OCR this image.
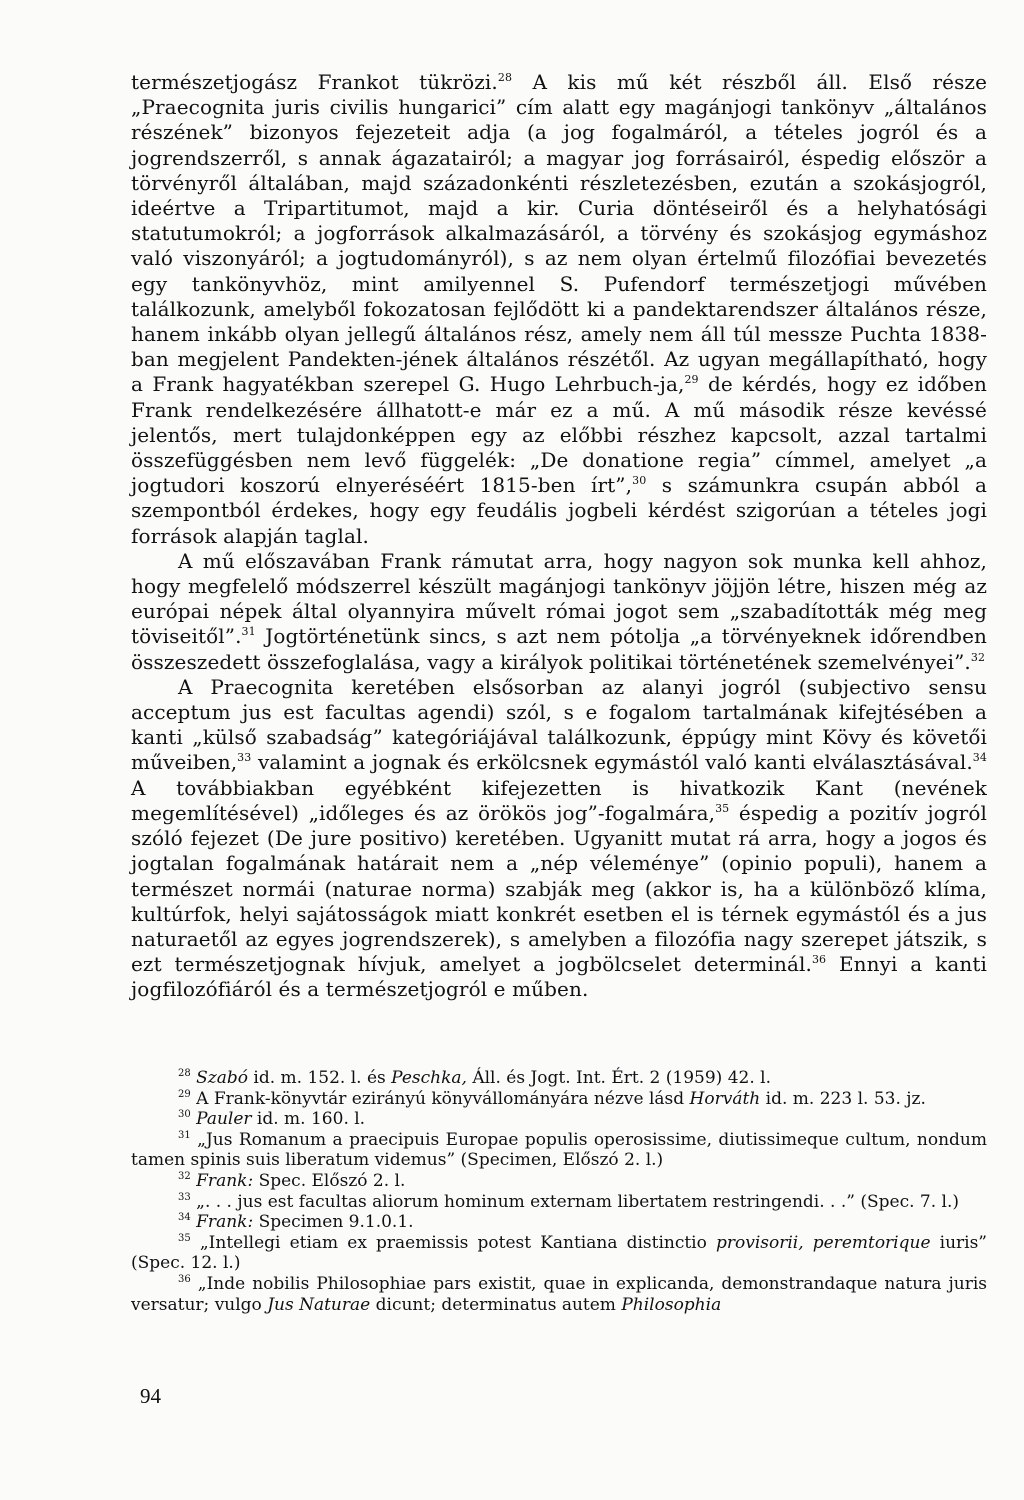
természetjogász Frankot tükrözi.$^{28}$ A kis mű két részből áll. Első része „Praecognita juris civilis hungarici” cím alatt egy magánjogi tankönyv „általános részének” bizonyos fejezeteit adja (a jog fogalmáról, a tételes jogról és a jogrendszerről, s annak ágazatairól; a magyar jog forrásairól, éspedig először a törvényről általában, majd századonkénti részletezésben, ezután a szokásjogról, ideértve a Tripartitumot, majd a kir. Curia döntéseiről és a helyhatósági statutumokról; a jogforrások alkalmazásáról, a törvény és szokásjog egymáshoz való viszonyáról; a jogtudományról), s az nem olyan értelmű filozófiai bevezetés egy tankönyvhöz, mint amilyennel S. Pufendorf természetjogi művében találkozunk, amelyből fokozatosan fejlődött ki a pandektarendszer általános része, hanem inkább olyan jellegű általános rész, amely nem áll túl messze Puchta 1838-ban megjelent Pandekten-jének általános részétől. Az ugyan megállapítható, hogy a Frank hagyatékban szerepel G. Hugo Lehrbuch-ja,$^{29}$ de kérdés, hogy ez időben Frank rendelkezésére állhatott-e már ez a mű. A mű második része kevéssé jelentős, mert tulajdonképpen egy az előbbi részhez kapcsolt, azzal tartalmi összefüggésben nem levő függelék: „De donatione regia” címmel, amelyet „a jogtudori koszorú elnyeréséért 1815-ben írt”,$^{30}$ s számunkra csupán abból a szempontból érdekes, hogy egy feudális jogbeli kérdést szigorúan a tételes jogi források alapján taglal.

A mű előszavában Frank rámutat arra, hogy nagyon sok munka kell ahhoz, hogy megfelelő módszerrel készült magánjogi tankönyv jöjjön létre, hiszen még az európai népek által olyannyira művelt római jogot sem „szabadították még meg töviseitől”.$^{31}$ Jogtörténetünk sincs, s azt nem pótolja „a törvényeknek időrendben összeszedett összefoglalása, vagy a királyok politikai történetének szemelvényei”.$^{32}$

A Praecognita keretében elsősorban az alanyi jogról (subjectivo sensu acceptum jus est facultas agendi) szól, s e fogalom tartalmának kifejtésében a kanti „külső szabadság” kategóriájával találkozunk, éppúgy mint Kövy és követői műveiben,$^{33}$ valamint a jognak és erkölcsnek egymástól való kanti elválasztásával.$^{34}$ A továbbiakban egyébként kifejezetten is hivatkozik Kant (nevének megemlítésével) „időleges és az örökös jog”-fogalmára,$^{35}$ éspedig a pozitív jogról szóló fejezet (De jure positivo) keretében. Ugyanitt mutat rá arra, hogy a jogos és jogtalan fogalmának határait nem a „nép véleménye” (opinio populi), hanem a természet normái (naturae norma) szabják meg (akkor is, ha a különböző klíma, kultúrfok, helyi sajátosságok miatt konkrét esetben el is térnek egymástól és a jus naturaetől az egyes jogrendszerek), s amelyben a filozófia nagy szerepet játszik, s ezt természetjognak hívjuk, amelyet a jogbölcselet determinál.$^{36}$ Ennyi a kanti jogfilozófiáról és a természetjogról e műben.

$^{28}$ Szabó id. m. 152. l. és Peschka, Áll. és Jogt. Int. Ért. 2 (1959) 42. l.

$^{29}$ A Frank-könyvtár ezirányú könyvállományára nézve lásd Horváth id. m. 223 l. 53. jz.

$^{30}$ Pauler id. m. 160. l.

$^{31}$ „Jus Romanum a praecipuis Europae populis operosissime, diutissimeque cultum, nondum tamen spinis suis liberatum videmus” (Specimen, Előszó 2. l.)

$^{32}$ Frank: Spec. Előszó 2. l.

$^{33}$ „. . . jus est facultas aliorum hominum externam libertatem restringendi. . .” (Spec. 7. l.)

$^{34}$ Frank: Specimen 9.1.0.1.

$^{35}$ „Intellegi etiam ex praemissis potest Kantiana distinctio provisorii, peremtorique iuris” (Spec. 12. l.)

$^{36}$ „Inde nobilis Philosophiae pars existit, quae in explicanda, demonstrandaque natura juris versatur; vulgo Jus Naturae dicunt; determinatus autem Philosophia

94
